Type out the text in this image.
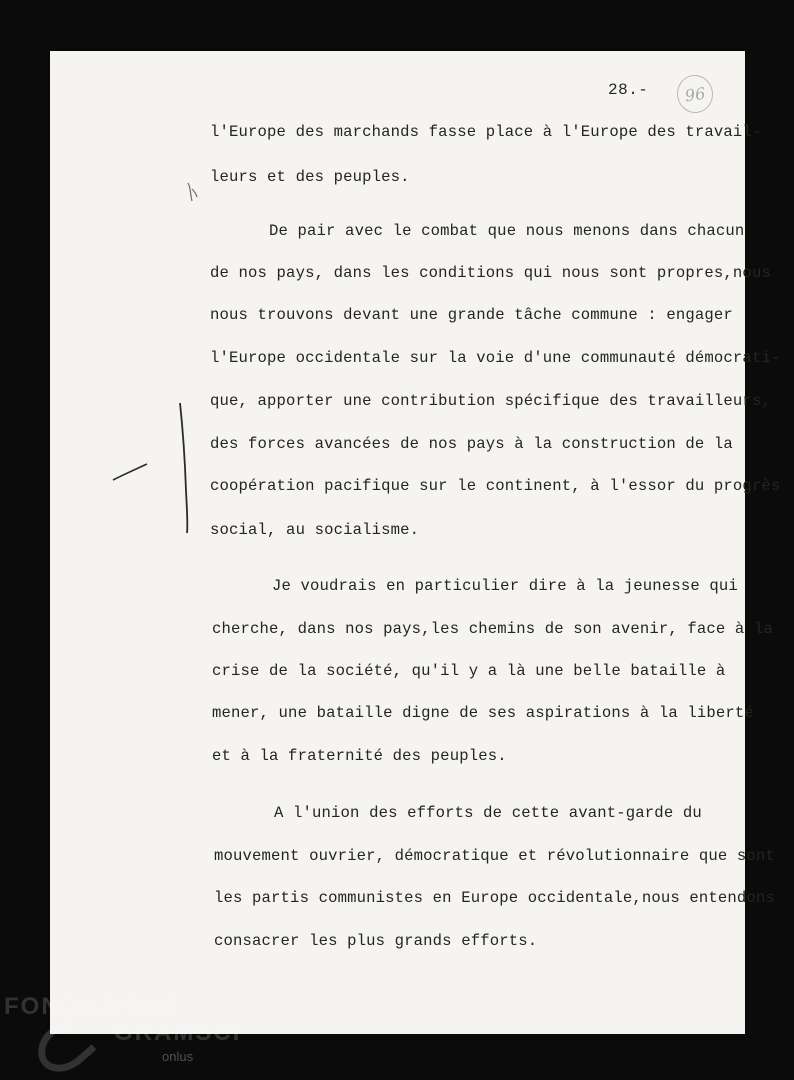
28.-	96
l'Europe des marchands fasse place à l'Europe des travail-
leurs et des peuples.
De pair avec le combat que nous menons dans chacun
de nos pays, dans les conditions qui nous sont propres,nous
nous trouvons devant une grande tâche commune : engager
l'Europe occidentale sur la voie d'une communauté démocrati-
que, apporter une contribution spécifique des travailleurs,
des forces avancées de nos pays à la construction de la
coopération pacifique sur le continent, à l'essor du progrès
social, au socialisme.
Je voudrais en particulier dire à la jeunesse qui
cherche, dans nos pays,les chemins de son avenir, face à la
crise de la société, qu'il y a là une belle bataille à
mener, une bataille digne de ses aspirations à la liberté
et à la fraternité des peuples.
A l'union des efforts de cette avant-garde du
mouvement ouvrier, démocratique et révolutionnaire que sont
les partis communistes en Europe occidentale,nous entendons
consacrer les plus grands efforts.
FONDAZIONE
GRAMSCI
onlus
